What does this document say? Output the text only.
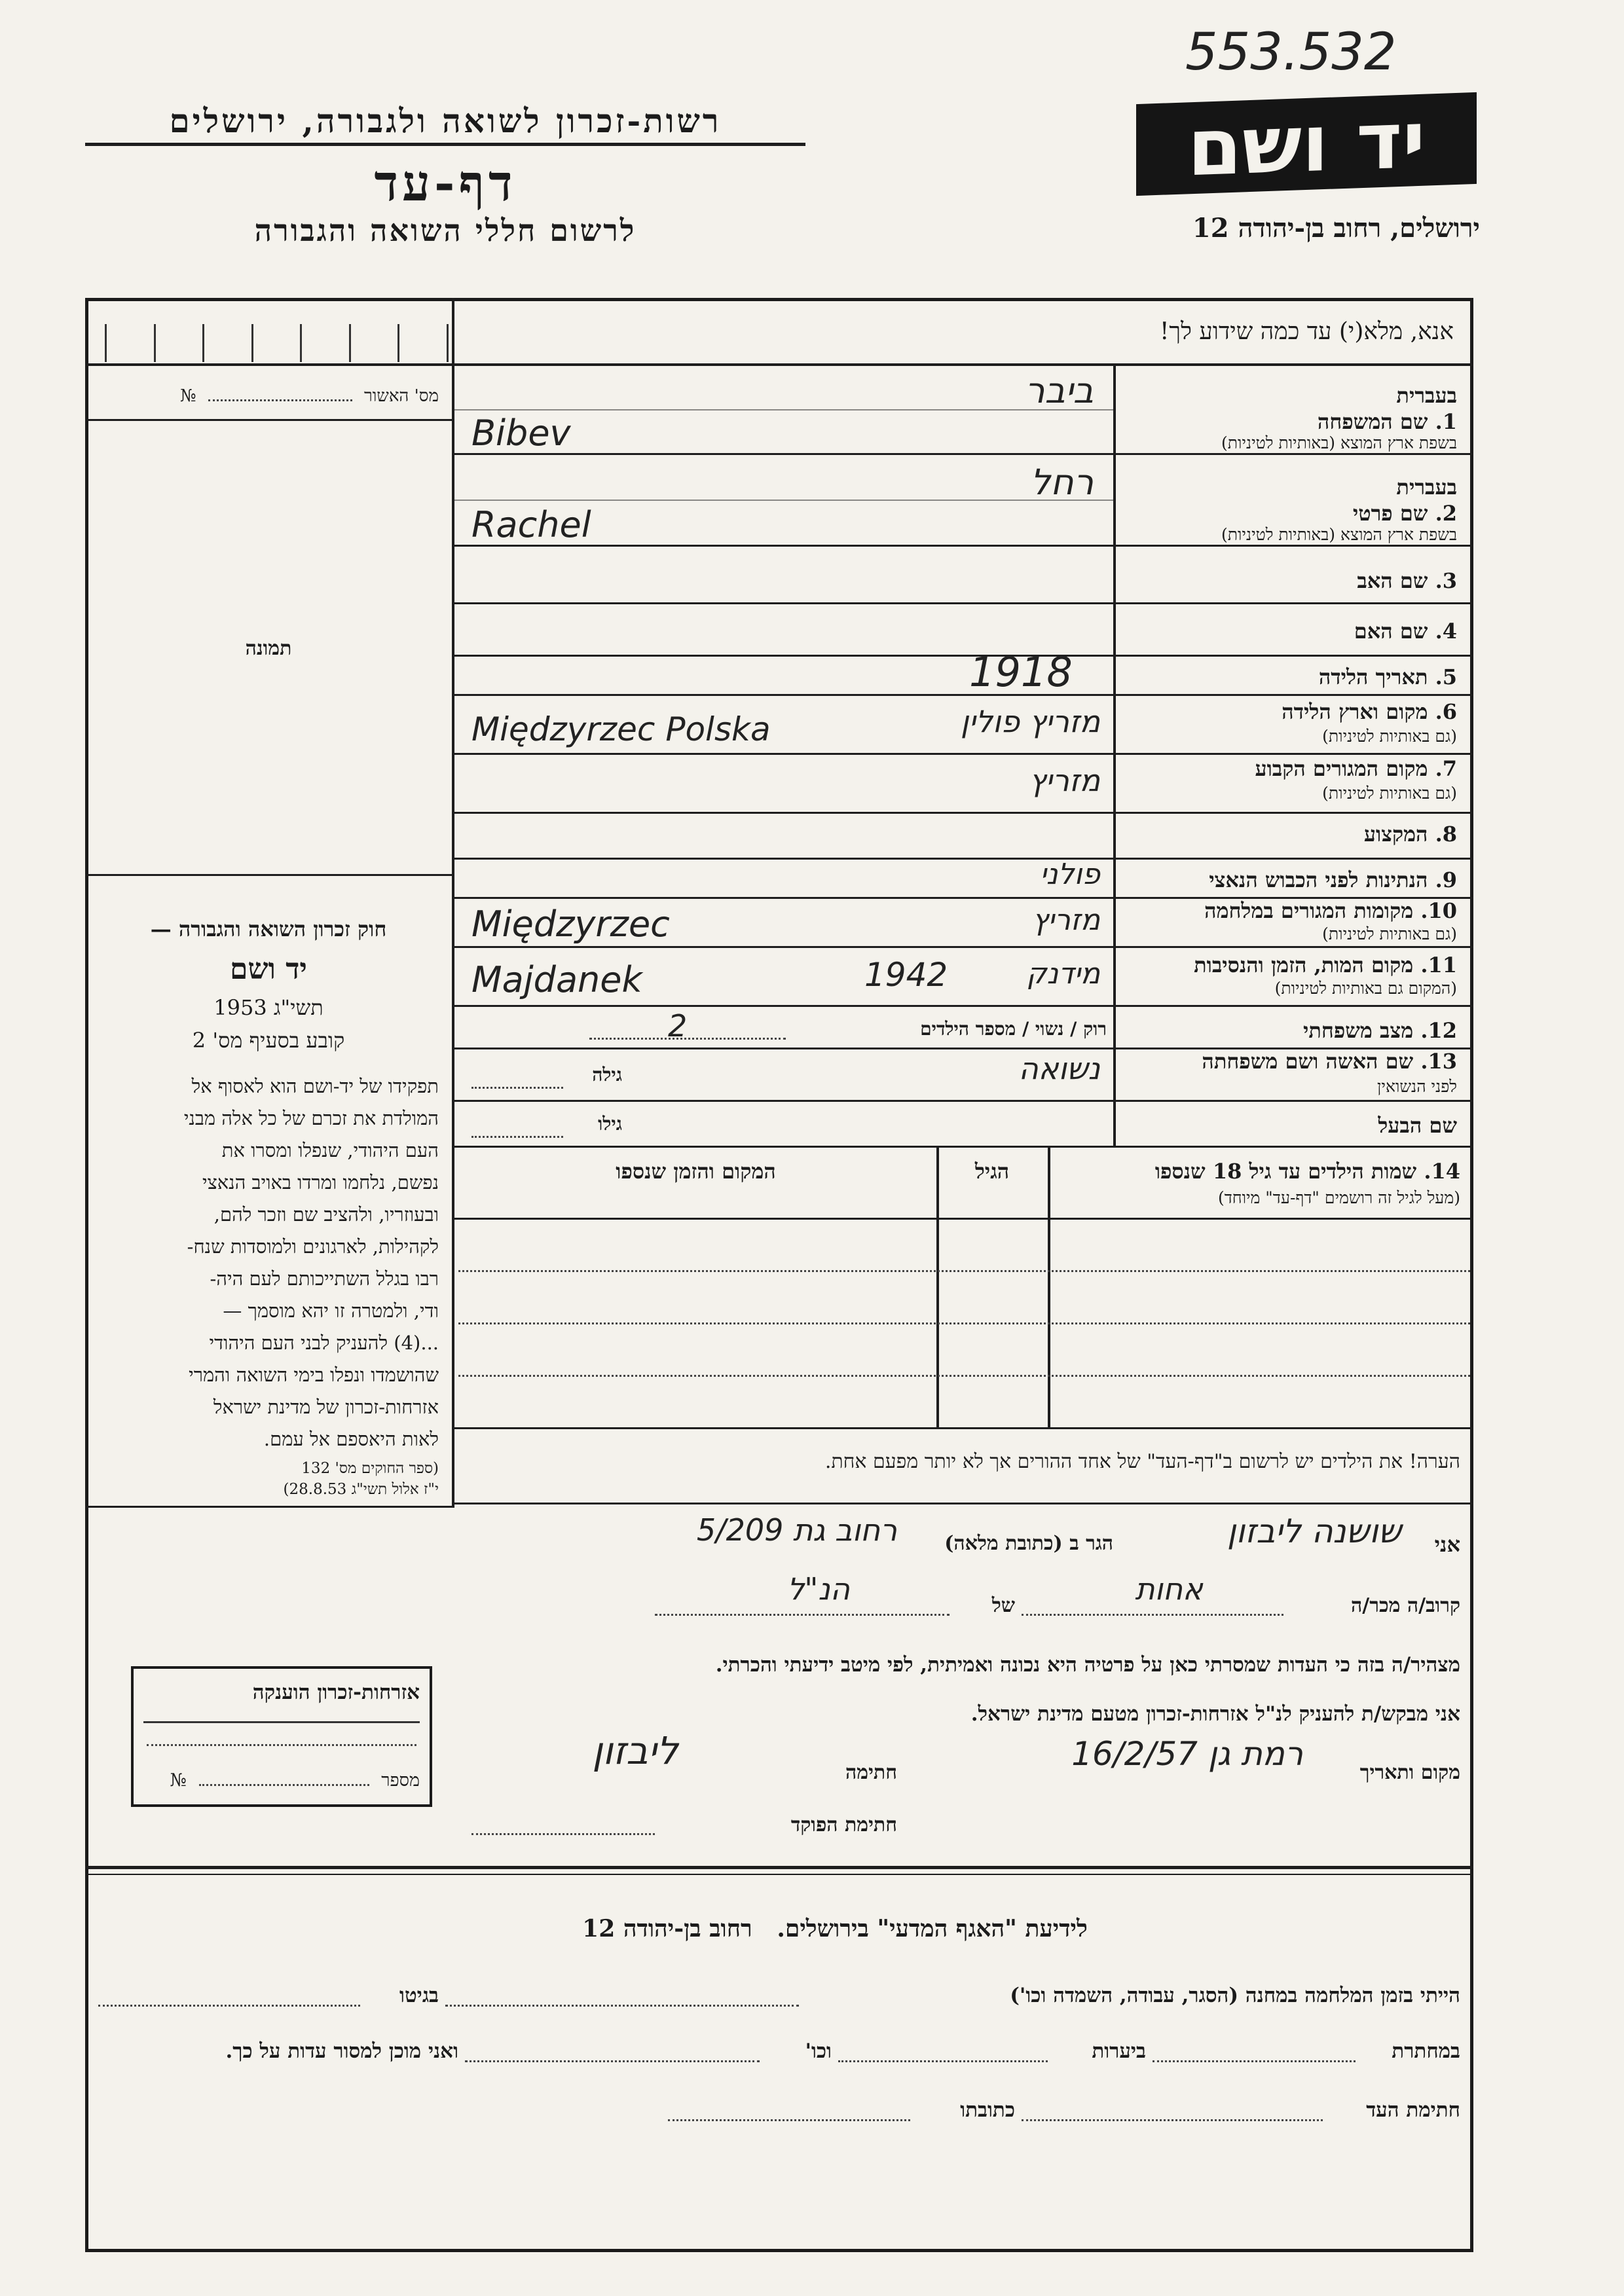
553.532
יד ושם
רשות-זכרון לשואה ולגבורה, ירושלים
דף-עד
לרשום חללי השואה והגבורה	ירושלים, רחוב בן-יהודה 12
אנא, מלא(י) עד כמה שידוע לך!
מס' האשור  №
תמונה
חוק זכרון השואה והגבורה —
יד ושם
תשי"ג 1953
קובע בסעיף מס' 2
תפקידו של יד-ושם הוא לאסוף אל
המולדת את זכרם של כל אלה מבני
העם היהודי, שנפלו ומסרו את
נפשם, נלחמו ומרדו באויב הנאצי
ובעוזריו, ולהציב שם וזכר להם,
לקהילות, לארגונים ולמוסדות שנח-
רבו בגלל השתייכותם לעם היה-
ודי, ולמטרה זו יהא מוסמך —
...(4) להעניק לבני העם היהודי
שהושמדו ונפלו בימי השואה והמרי
אזרחות-זכרון של מדינת ישראל
לאות היאספם אל עמם.
(ספר החוקים מס' 132
י"ז אלול תשי"ג 28.8.53)
בעברית
1. שם המשפחה
בשפת ארץ המוצא (באותיות לטיניות)
ביבר
Bibev
בעברית
2. שם פרטי
בשפת ארץ המוצא (באותיות לטיניות)
רחל
Rachel
3. שם האב
4. שם האם
5. תאריך הלידה
1918
6. מקום וארץ הלידה
(גם באותיות לטיניות)
מזריץ פולין
Międzyrzec Polska
7. מקום המגורים הקבוע
(גם באותיות לטיניות)
מזריץ
8. המקצוע
9. הנתינות לפני הכבוש הנאצי
פולני
10. מקומות המגורים במלחמה
(גם באותיות לטיניות)
מזריץ
Międzyrzec
11. מקום המות, הזמן והנסיבות
(המקום גם באותיות לטיניות)
מידנק
1942
Majdanek
12. מצב משפחתי
רוק / נשוי / מספר הילדים
2
13. שם האשה ושם משפחתה
לפני הנשואין
גילה	נשואה
שם הבעל
גילו
14. שמות הילדים עד גיל 18 שנספו
(מעל לגיל זה רושמים "דף-עד" מיוחד)
הגיל
המקום והזמן שנספו
הערה! את הילדים יש לרשום ב"דף-העד" של אחד ההורים אך לא יותר מפעם אחת.
אני
שושנה ליבזון
הגר ב (כתובת מלאה)
רחוב גת 5/209
קרוב/ה מכר/ה
אחות
של
הנ"ל
מצהיר/ה בזה כי העדות שמסרתי כאן על פרטיה היא נכונה ואמיתית, לפי מיטב ידיעתי והכרתי.
אני מבקש/ת להעניק לנ"ל אזרחות-זכרון מטעם מדינת ישראל.
מקום ותאריך
רמת גן 16/2/57
חתימה
ליבזון
חתימת הפוקד
אזרחות-זכרון הוענקה
מספר  №
לידיעת "האגף המדעי" בירושלים.   רחוב בן-יהודה 12
הייתי בזמן המלחמה במחנה (הסגר, עבודה, השמדה וכו')
בגיטו
במחתרת
ביערות
וכו'
ואני מוכן למסור עדות על כך.
חתימת העד
כתובתו
